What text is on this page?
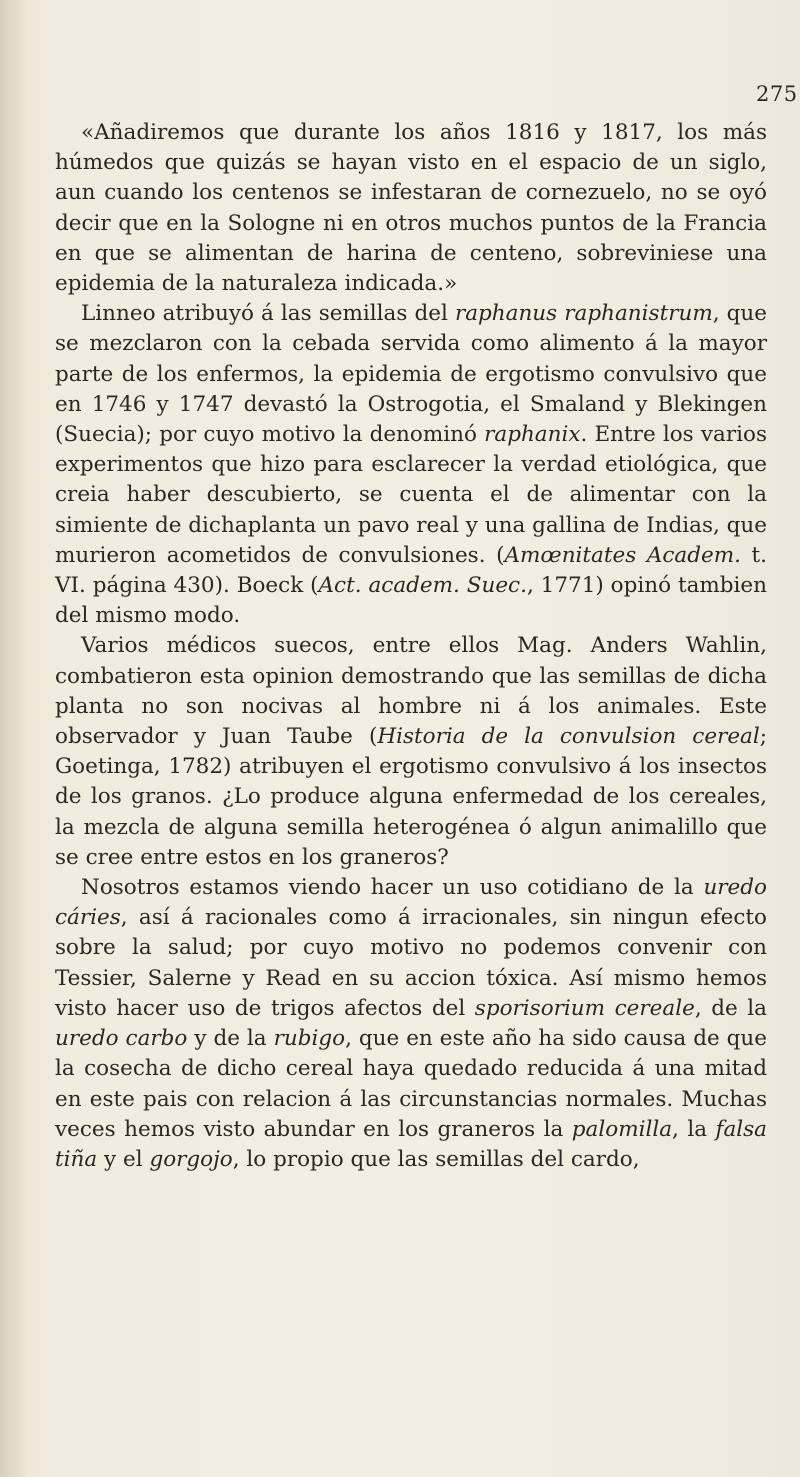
275

«Añadiremos que durante los años 1816 y 1817, los más húmedos que quizás se hayan visto en el espacio de un siglo, aun cuando los centenos se infestaran de cornezuelo, no se oyó decir que en la Sologne ni en otros muchos puntos de la Francia en que se alimentan de harina de centeno, sobreviniese una epidemia de la naturaleza indicada.»

Linneo atribuyó á las semillas del raphanus raphanistrum, que se mezclaron con la cebada servida como alimento á la mayor parte de los enfermos, la epidemia de ergotismo convulsivo que en 1746 y 1747 devastó la Ostrogotia, el Smaland y Blekingen (Suecia); por cuyo motivo la denominó raphanix. Entre los varios experimentos que hizo para esclarecer la verdad etiológica, que creia haber descubierto, se cuenta el de alimentar con la simiente de dichaplanta un pavo real y una gallina de Indias, que murieron acometidos de convulsiones. (Amœnitates Academ. t. VI. página 430). Boeck (Act. academ. Suec., 1771) opinó tambien del mismo modo.

Varios médicos suecos, entre ellos Mag. Anders Wahlin, combatieron esta opinion demostrando que las semillas de dicha planta no son nocivas al hombre ni á los animales. Este observador y Juan Taube (Historia de la convulsion cereal; Goetinga, 1782) atribuyen el ergotismo convulsivo á los insectos de los granos. ¿Lo produce alguna enfermedad de los cereales, la mezcla de alguna semilla heterogénea ó algun animalillo que se cree entre estos en los graneros?

Nosotros estamos viendo hacer un uso cotidiano de la uredo cáries, así á racionales como á irracionales, sin ningun efecto sobre la salud; por cuyo motivo no podemos convenir con Tessier, Salerne y Read en su accion tóxica. Así mismo hemos visto hacer uso de trigos afectos del sporisorium cereale, de la uredo carbo y de la rubigo, que en este año ha sido causa de que la cosecha de dicho cereal haya quedado reducida á una mitad en este pais con relacion á las circunstancias normales. Muchas veces hemos visto abundar en los graneros la palomilla, la falsa tiña y el gorgojo, lo propio que las semillas del cardo,
